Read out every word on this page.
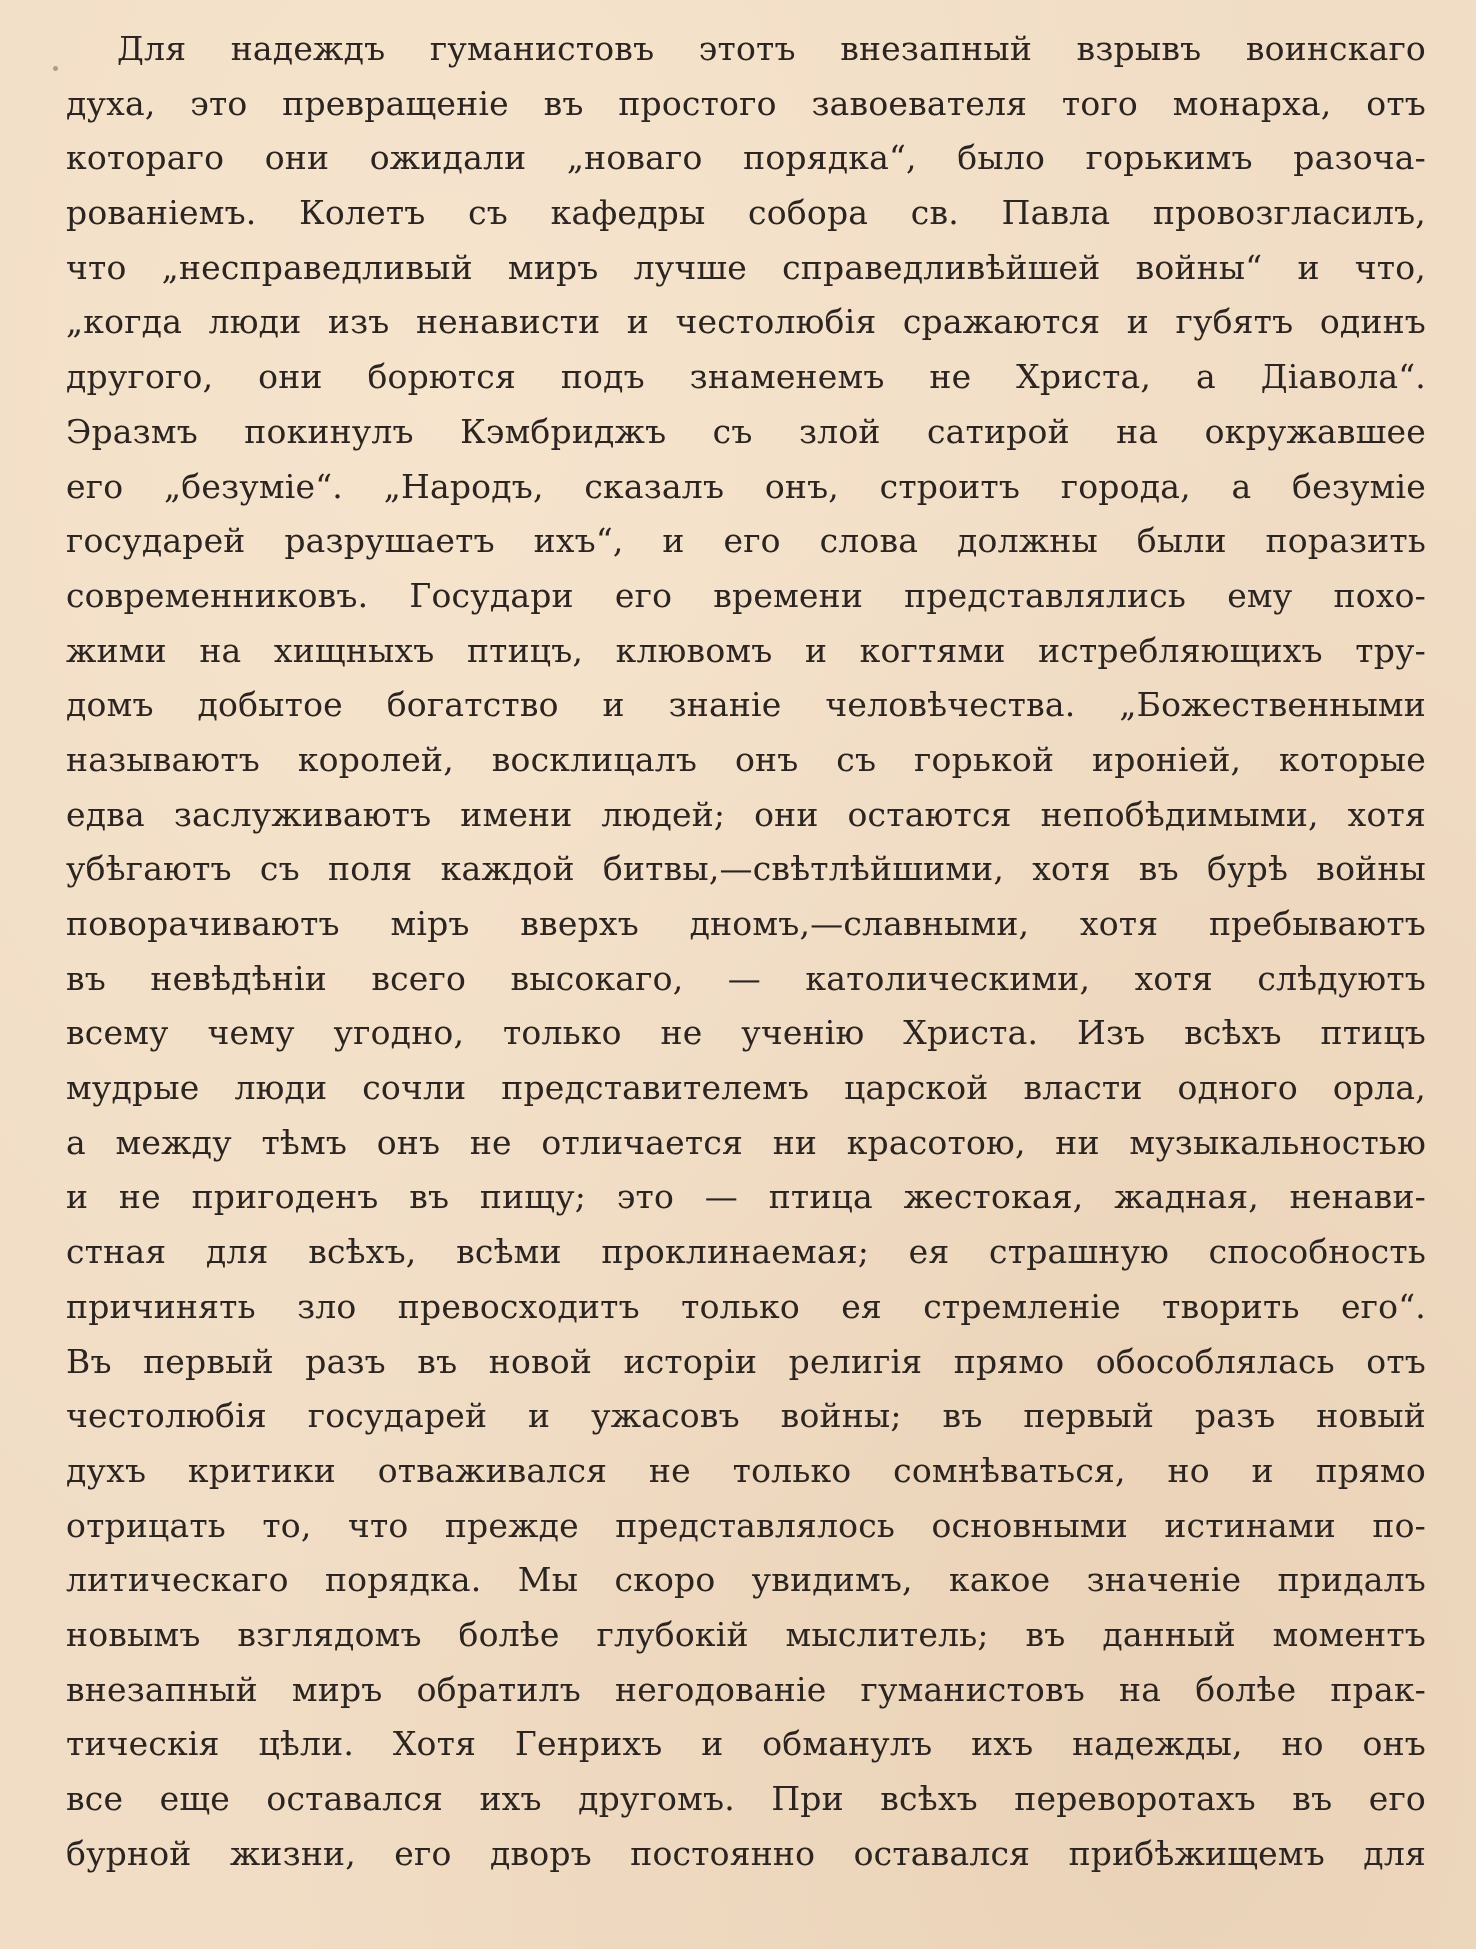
Для надеждъ гуманистовъ этотъ внезапный взрывъ воинскаго
духа, это превращеніе въ простого завоевателя того монарха, отъ
котораго они ожидали „новаго порядка“, было горькимъ разоча-
рованіемъ. Колетъ съ кафедры собора св. Павла провозгласилъ,
что „несправедливый миръ лучше справедливѣйшей войны“ и что,
„когда люди изъ ненависти и честолюбія сражаются и губятъ одинъ
другого, они борются подъ знаменемъ не Христа, а Діавола“.
Эразмъ покинулъ Кэмбриджъ съ злой сатирой на окружавшее
его „безуміе“. „Народъ, сказалъ онъ, строитъ города, а безуміе
государей разрушаетъ ихъ“, и его слова должны были поразить
современниковъ. Государи его времени представлялись ему похо-
жими на хищныхъ птицъ, клювомъ и когтями истребляющихъ тру-
домъ добытое богатство и знаніе человѣчества. „Божественными
называютъ королей, восклицалъ онъ съ горькой ироніей, которые
едва заслуживаютъ имени людей; они остаются непобѣдимыми, хотя
убѣгаютъ съ поля каждой битвы,—свѣтлѣйшими, хотя въ бурѣ войны
поворачиваютъ міръ вверхъ дномъ,—славными, хотя пребываютъ
въ невѣдѣніи всего высокаго, — католическими, хотя слѣдуютъ
всему чему угодно, только не ученію Христа. Изъ всѣхъ птицъ
мудрые люди сочли представителемъ царской власти одного орла,
а между тѣмъ онъ не отличается ни красотою, ни музыкальностью
и не пригоденъ въ пищу; это — птица жестокая, жадная, ненави-
стная для всѣхъ, всѣми проклинаемая; ея страшную способность
причинять зло превосходитъ только ея стремленіе творить его“.
Въ первый разъ въ новой исторіи религія прямо обособлялась отъ
честолюбія государей и ужасовъ войны; въ первый разъ новый
духъ критики отваживался не только сомнѣваться, но и прямо
отрицать то, что прежде представлялось основными истинами по-
литическаго порядка. Мы скоро увидимъ, какое значеніе придалъ
новымъ взглядомъ болѣе глубокій мыслитель; въ данный моментъ
внезапный миръ обратилъ негодованіе гуманистовъ на болѣе прак-
тическія цѣли. Хотя Генрихъ и обманулъ ихъ надежды, но онъ
все еще оставался ихъ другомъ. При всѣхъ переворотахъ въ его
бурной жизни, его дворъ постоянно оставался прибѣжищемъ для
